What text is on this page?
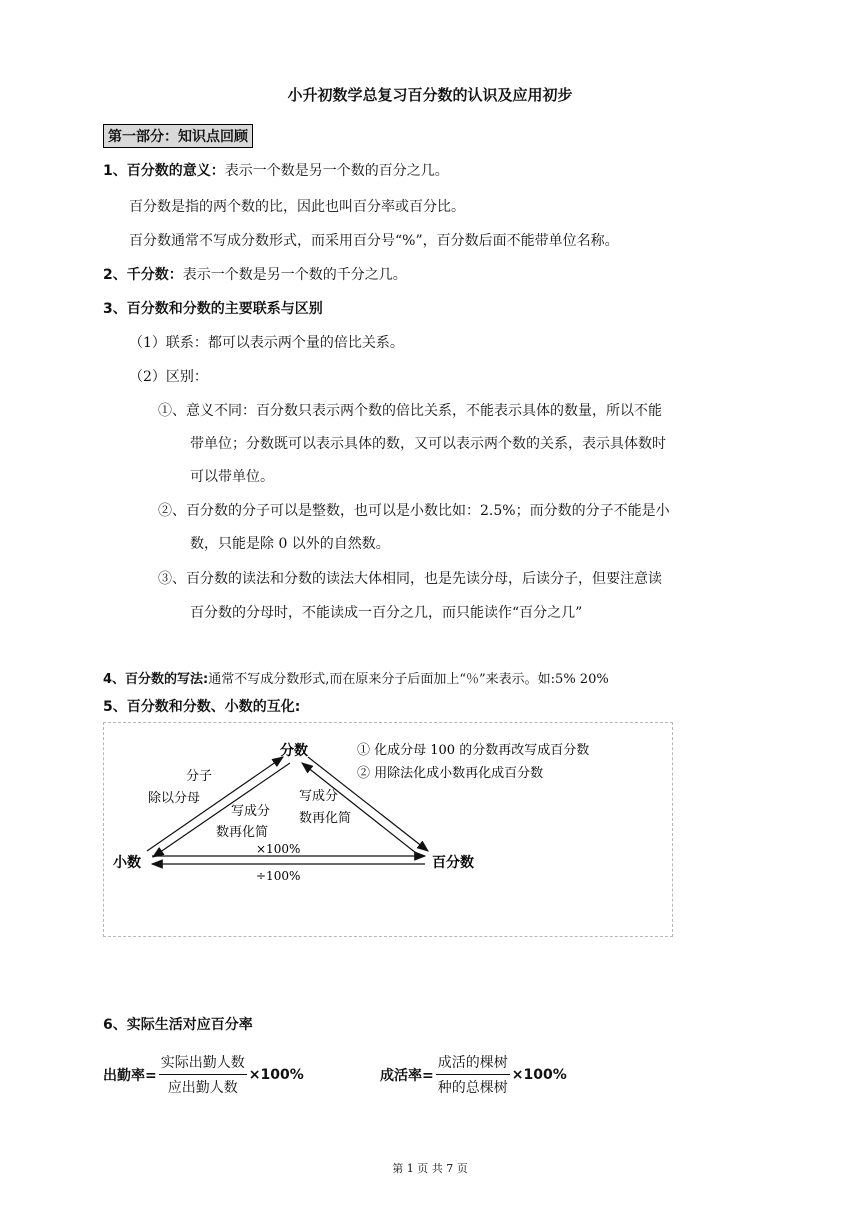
小升初数学总复习百分数的认识及应用初步
第一部分：知识点回顾
1、百分数的意义：表示一个数是另一个数的百分之几。
百分数是指的两个数的比，因此也叫百分率或百分比。
百分数通常不写成分数形式，而采用百分号“%”，百分数后面不能带单位名称。
2、千分数：表示一个数是另一个数的千分之几。
3、百分数和分数的主要联系与区别
（1）联系：都可以表示两个量的倍比关系。
（2）区别：
①、意义不同：百分数只表示两个数的倍比关系，不能表示具体的数量，所以不能
带单位；分数既可以表示具体的数，又可以表示两个数的关系，表示具体数时
可以带单位。
②、百分数的分子可以是整数，也可以是小数比如：2.5%；而分数的分子不能是小
数，只能是除 0 以外的自然数。
③、百分数的读法和分数的读法大体相同，也是先读分母，后读分子，但要注意读
百分数的分母时，不能读成一百分之几，而只能读作“百分之几”
4、百分数的写法:通常不写成分数形式,而在原来分子后面加上“％”来表示。如:5% 20%
5、百分数和分数、小数的互化:
分数
小数	百分数
分子
除以分母
写成分
数再化简
写成分
数再化简
×100%
÷100%
① 化成分母 100 的分数再改写成百分数
② 用除法化成小数再化成百分数
6、实际生活对应百分率
出勤率= $\frac{\text{实际出勤人数}}{\text{应出勤人数}} \times 100\%$	成活率= $\frac{\text{成活的棵树}}{\text{种的总棵树}} \times 100\%$
第 1 页 共 7 页
